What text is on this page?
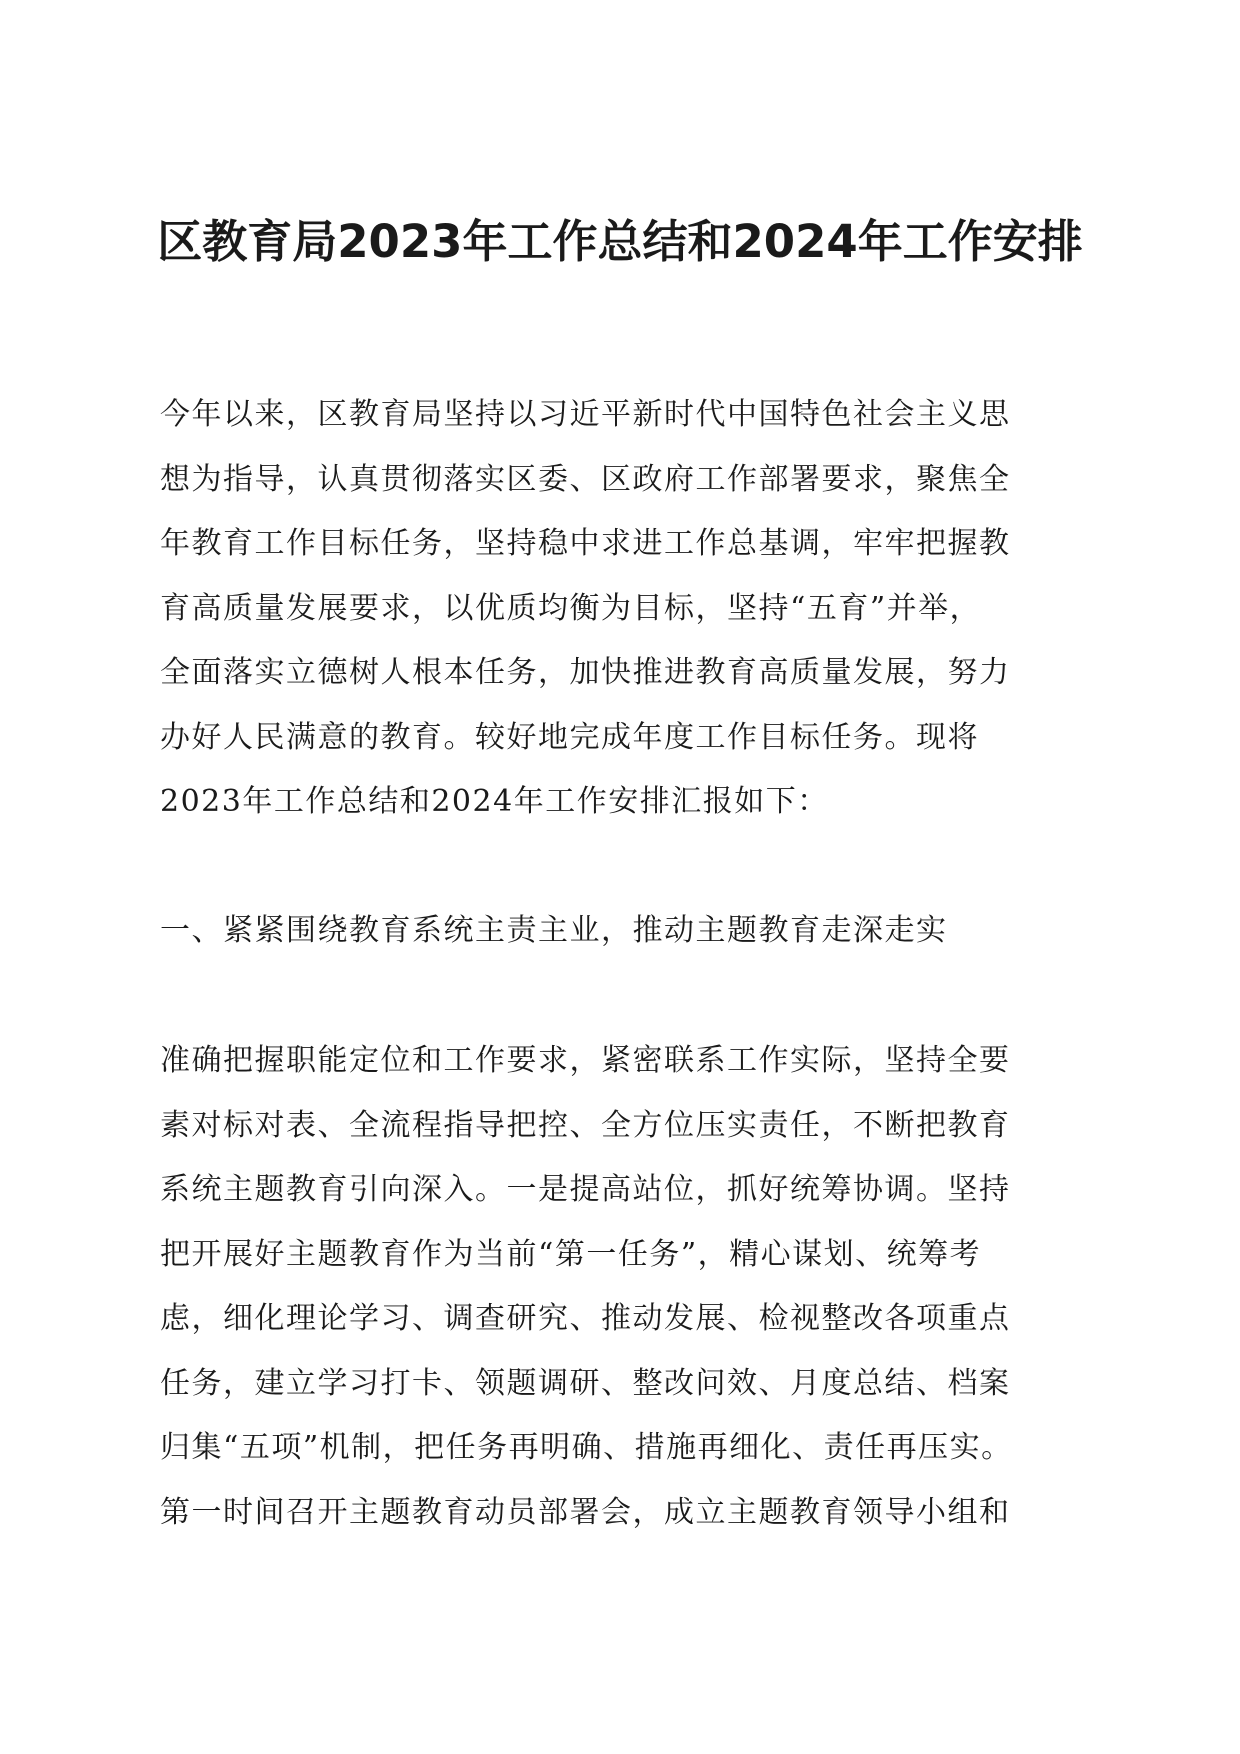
区教育局2023年工作总结和2024年工作安排
今年以来，区教育局坚持以习近平新时代中国特色社会主义思
想为指导，认真贯彻落实区委、区政府工作部署要求，聚焦全
年教育工作目标任务，坚持稳中求进工作总基调，牢牢把握教
育高质量发展要求，以优质均衡为目标，坚持“五育”并举，
全面落实立德树人根本任务，加快推进教育高质量发展，努力
办好人民满意的教育。较好地完成年度工作目标任务。现将
2023年工作总结和2024年工作安排汇报如下：
一、紧紧围绕教育系统主责主业，推动主题教育走深走实
准确把握职能定位和工作要求，紧密联系工作实际，坚持全要
素对标对表、全流程指导把控、全方位压实责任，不断把教育
系统主题教育引向深入。一是提高站位，抓好统筹协调。坚持
把开展好主题教育作为当前“第一任务”，精心谋划、统筹考
虑，细化理论学习、调查研究、推动发展、检视整改各项重点
任务，建立学习打卡、领题调研、整改问效、月度总结、档案
归集“五项”机制，把任务再明确、措施再细化、责任再压实。
第一时间召开主题教育动员部署会，成立主题教育领导小组和
